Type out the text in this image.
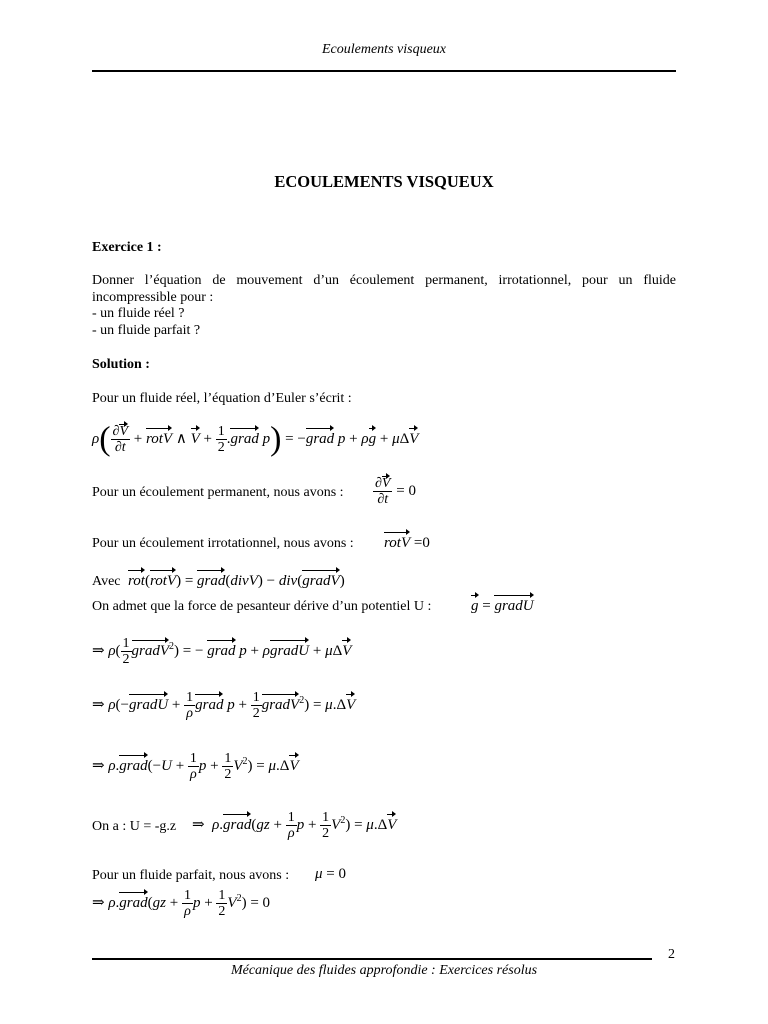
Ecoulements visqueux
ECOULEMENTS VISQUEUX
Exercice 1 :
Donner l’équation de mouvement d’un écoulement permanent, irrotationnel, pour un fluide
incompressible pour :
- un fluide réel ?
- un fluide parfait ?
Solution :
Pour un fluide réel, l’équation d’Euler s’écrit :
$\rho( \frac{\partial V}{\partial t}$ + rotV ∧ $V + \frac{1}{2}$ .grad p) = −grad p + ρg + μΔV
Pour un écoulement permanent, nous avons : $\frac{\partial V}{\partial t} = 0$
Pour un écoulement irrotationnel, nous avons : rotV =0
Avec rot(rotV) = grad(divV) − div(gradV)
On admet que la force de pesanteur dérive d’un potentiel U :	g = gradU
⇒ $\rho( \frac{1}{2}$ gradV$^2$) = − grad p + ρgradU + μΔV
⇒ ρ(−gradU + $\frac{1}{\rho}$ grad $p + \frac{1}{2}$ gradV$^2$) = μ.ΔV
⇒ ρ.grad(−U + $\frac{1}{\rho}$ $p + \frac{1}{2} V^2) = \mu.\Delta V$
On a : U = -g.z ⇒  ρ.grad(gz + $\frac{1}{\rho}$ $p + \frac{1}{2} V^2) = \mu.\Delta V$
Pour un fluide parfait, nous avons : μ = 0
⇒ ρ.grad(gz + $\frac{1}{\rho}$ $p + \frac{1}{2} V^2) = 0$
2
Mécanique des fluides approfondie : Exercices résolus
